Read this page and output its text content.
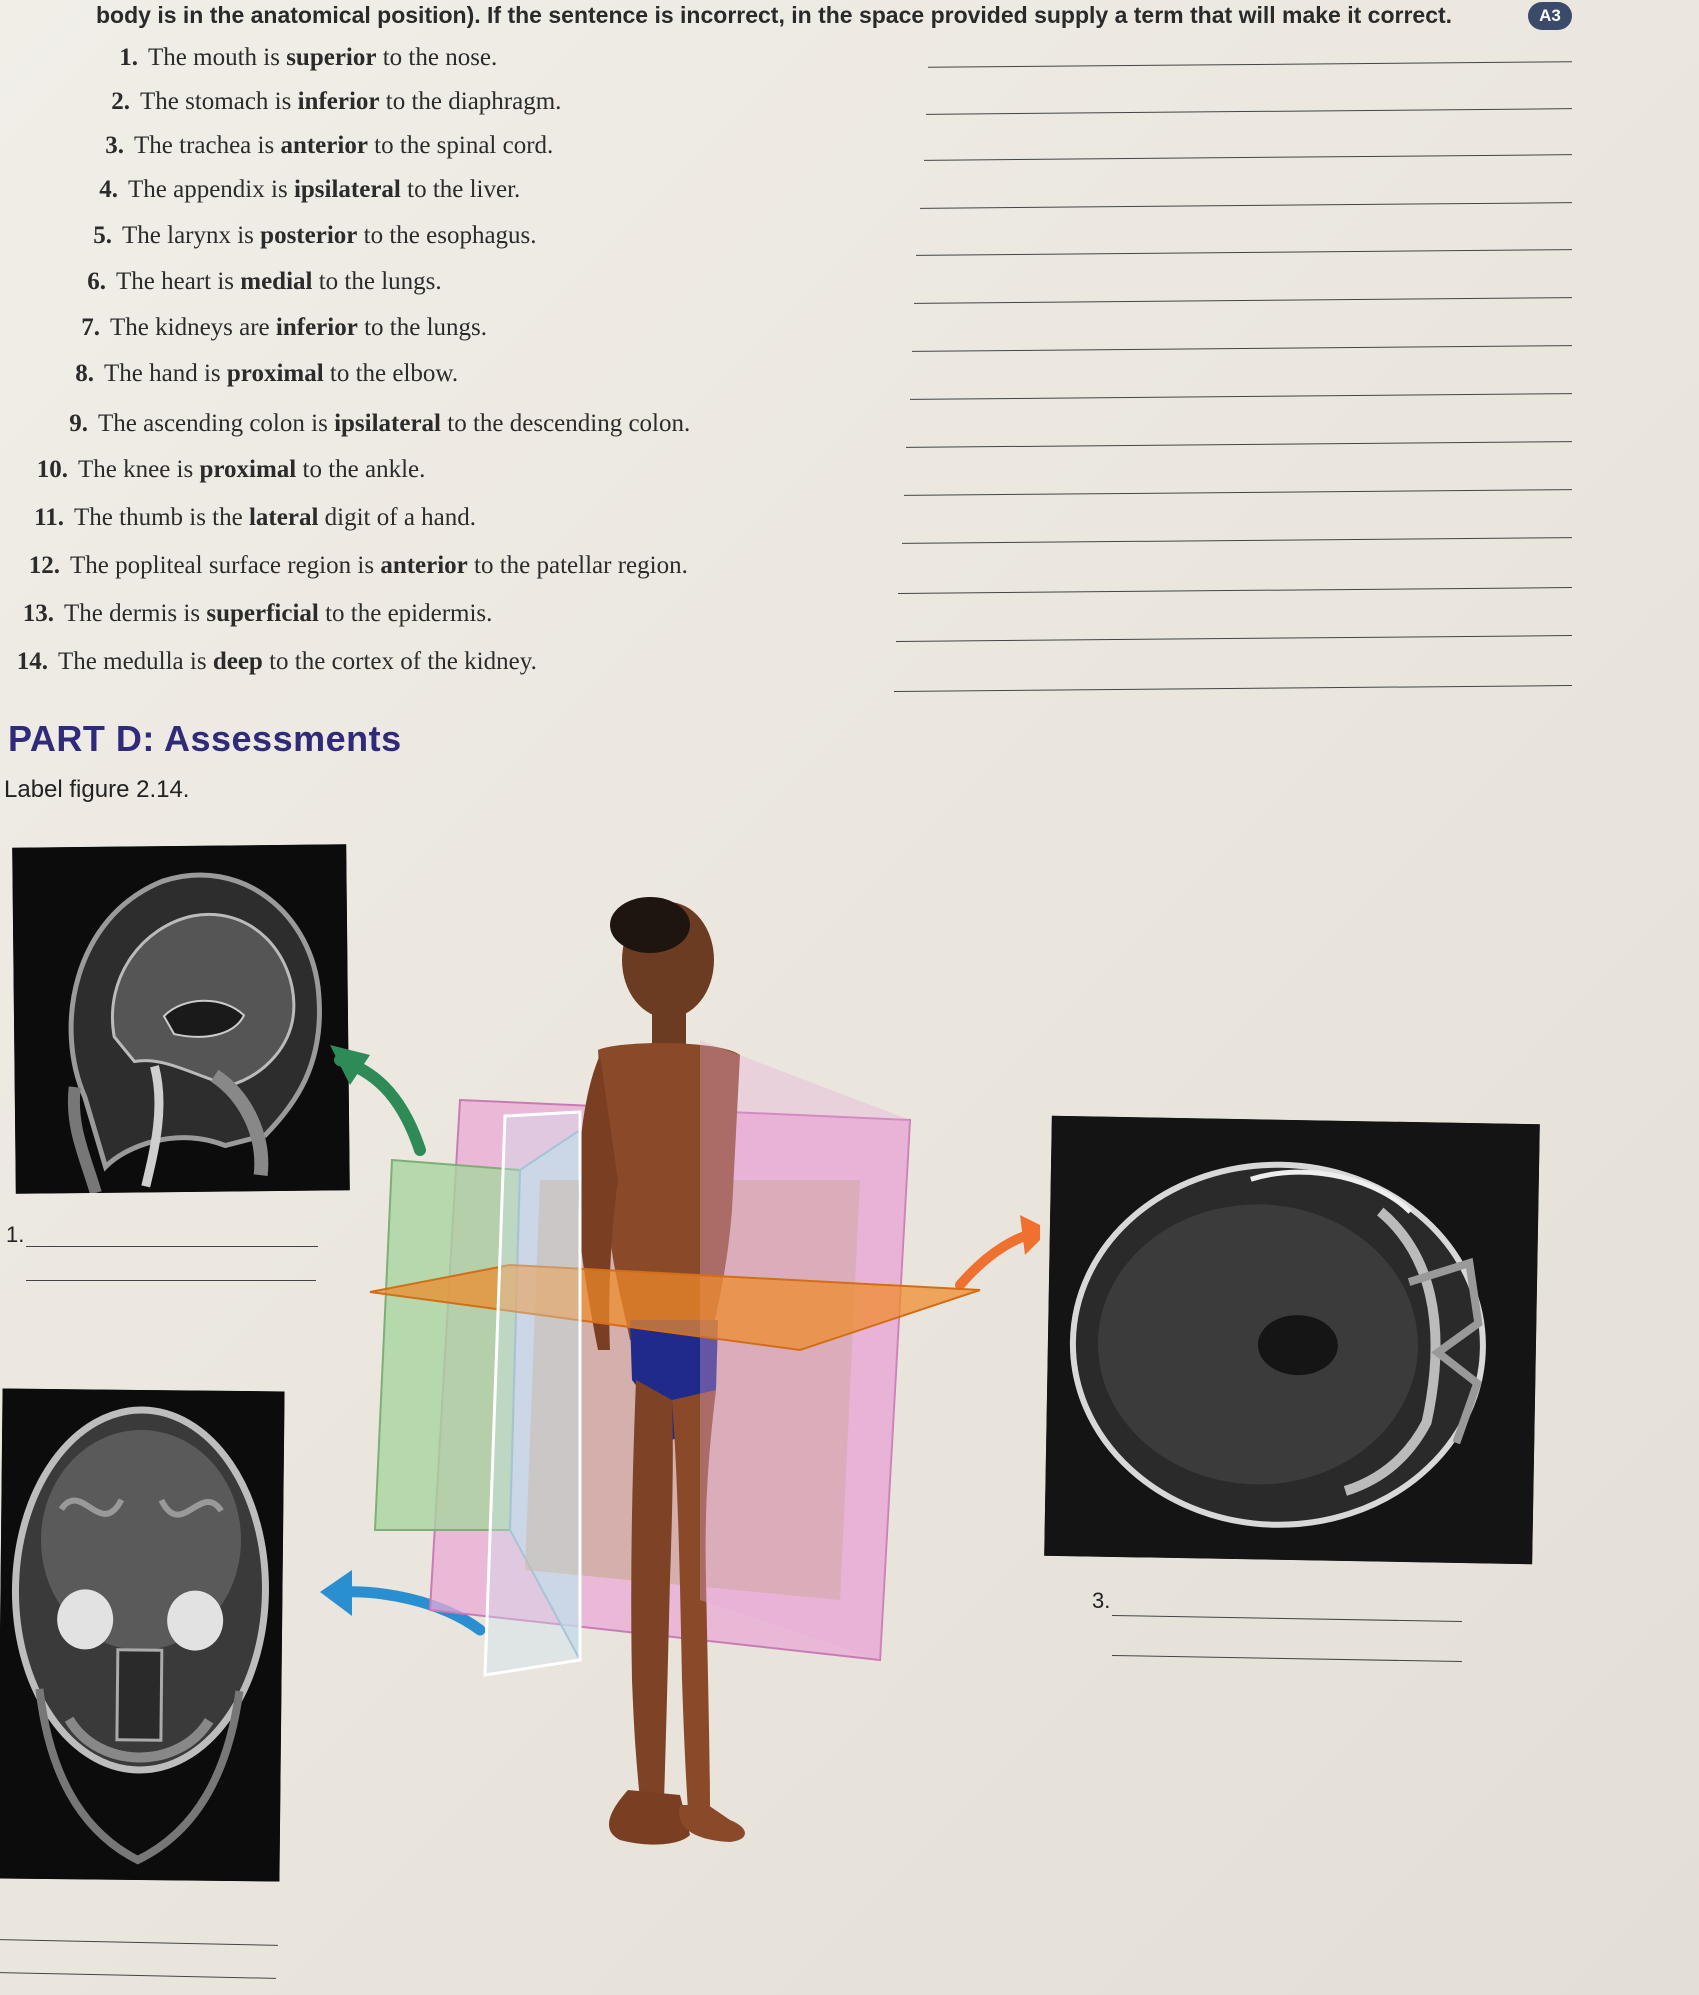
body is in the anatomical position). If the sentence is incorrect, in the space provided supply a term that will make it correct.	A3
1. The mouth is superior to the nose.
2. The stomach is inferior to the diaphragm.
3. The trachea is anterior to the spinal cord.
4. The appendix is ipsilateral to the liver.
5. The larynx is posterior to the esophagus.
6. The heart is medial to the lungs.
7. The kidneys are inferior to the lungs.
8. The hand is proximal to the elbow.
9. The ascending colon is ipsilateral to the descending colon.
10. The knee is proximal to the ankle.
11. The thumb is the lateral digit of a hand.
12. The popliteal surface region is anterior to the patellar region.
13. The dermis is superficial to the epidermis.
14. The medulla is deep to the cortex of the kidney.
PART D: Assessments
Label figure 2.14.
1.
3.
